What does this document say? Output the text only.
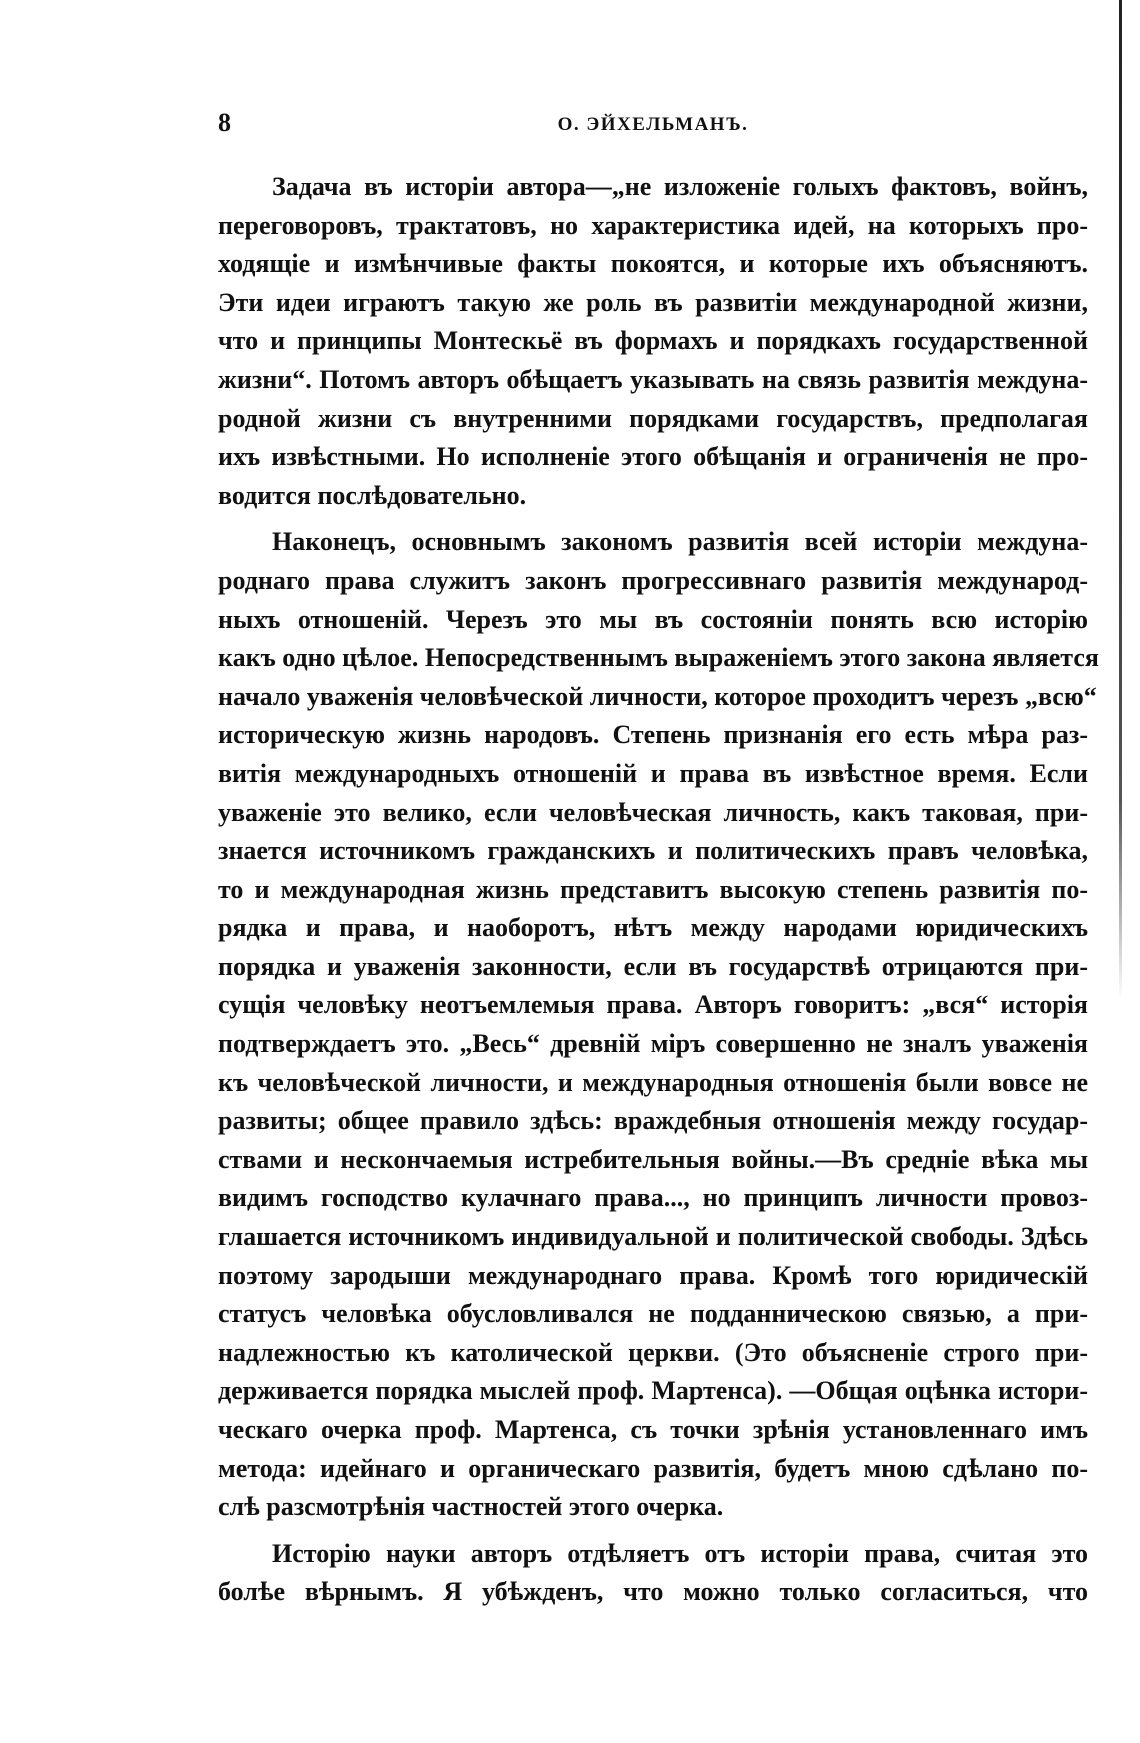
8	О. ЭЙХЕЛЬМАНЪ.
Задача въ исторіи автора—„не изложеніе голыхъ фактовъ, войнъ,
переговоровъ, трактатовъ, но характеристика идей, на которыхъ про-
ходящіе и измѣнчивые факты покоятся, и которые ихъ объясняютъ.
Эти идеи играютъ такую же роль въ развитіи международной жизни,
что и принципы Монтескьё въ формахъ и порядкахъ государственной
жизни“. Потомъ авторъ обѣщаетъ указывать на связь развитія междуна-
родной жизни съ внутренними порядками государствъ, предполагая
ихъ извѣстными. Но исполненіе этого обѣщанія и ограниченія не про-
водится послѣдовательно.
Наконецъ, основнымъ закономъ развитія всей исторіи междуна-
роднаго права служитъ законъ прогрессивнаго развитія международ-
ныхъ отношеній. Черезъ это мы въ состояніи понять всю исторію
какъ одно цѣлое. Непосредственнымъ выраженіемъ этого закона является
начало уваженія человѣческой личности, которое проходитъ черезъ „всю“
историческую жизнь народовъ. Степень признанія его есть мѣра раз-
витія международныхъ отношеній и права въ извѣстное время. Если
уваженіе это велико, если человѣческая личность, какъ таковая, при-
знается источникомъ гражданскихъ и политическихъ правъ человѣка,
то и международная жизнь представитъ высокую степень развитія по-
рядка и права, и наоборотъ, нѣтъ между народами юридическихъ
порядка и уваженія законности, если въ государствѣ отрицаются при-
сущія человѣку неотъемлемыя права. Авторъ говоритъ: „вся“ исторія
подтверждаетъ это. „Весь“ древній міръ совершенно не зналъ уваженія
къ человѣческой личности, и международныя отношенія были вовсе не
развиты; общее правило здѣсь: враждебныя отношенія между государ-
ствами и нескончаемыя истребительныя войны.—Въ средніе вѣка мы
видимъ господство кулачнаго права..., но принципъ личности провоз-
глашается источникомъ индивидуальной и политической свободы. Здѣсь
поэтому зародыши международнаго права. Кромѣ того юридическій
статусъ человѣка обусловливался не подданническою связью, а при-
надлежностью къ католической церкви. (Это объясненіе строго при-
держивается порядка мыслей проф. Мартенса). —Общая оцѣнка истори-
ческаго очерка проф. Мартенса, съ точки зрѣнія установленнаго имъ
метода: идейнаго и органическаго развитія, будетъ мною сдѣлано по-
слѣ разсмотрѣнія частностей этого очерка.
Исторію науки авторъ отдѣляетъ отъ исторіи права, считая это
болѣе вѣрнымъ. Я убѣжденъ, что можно только согласиться, что
